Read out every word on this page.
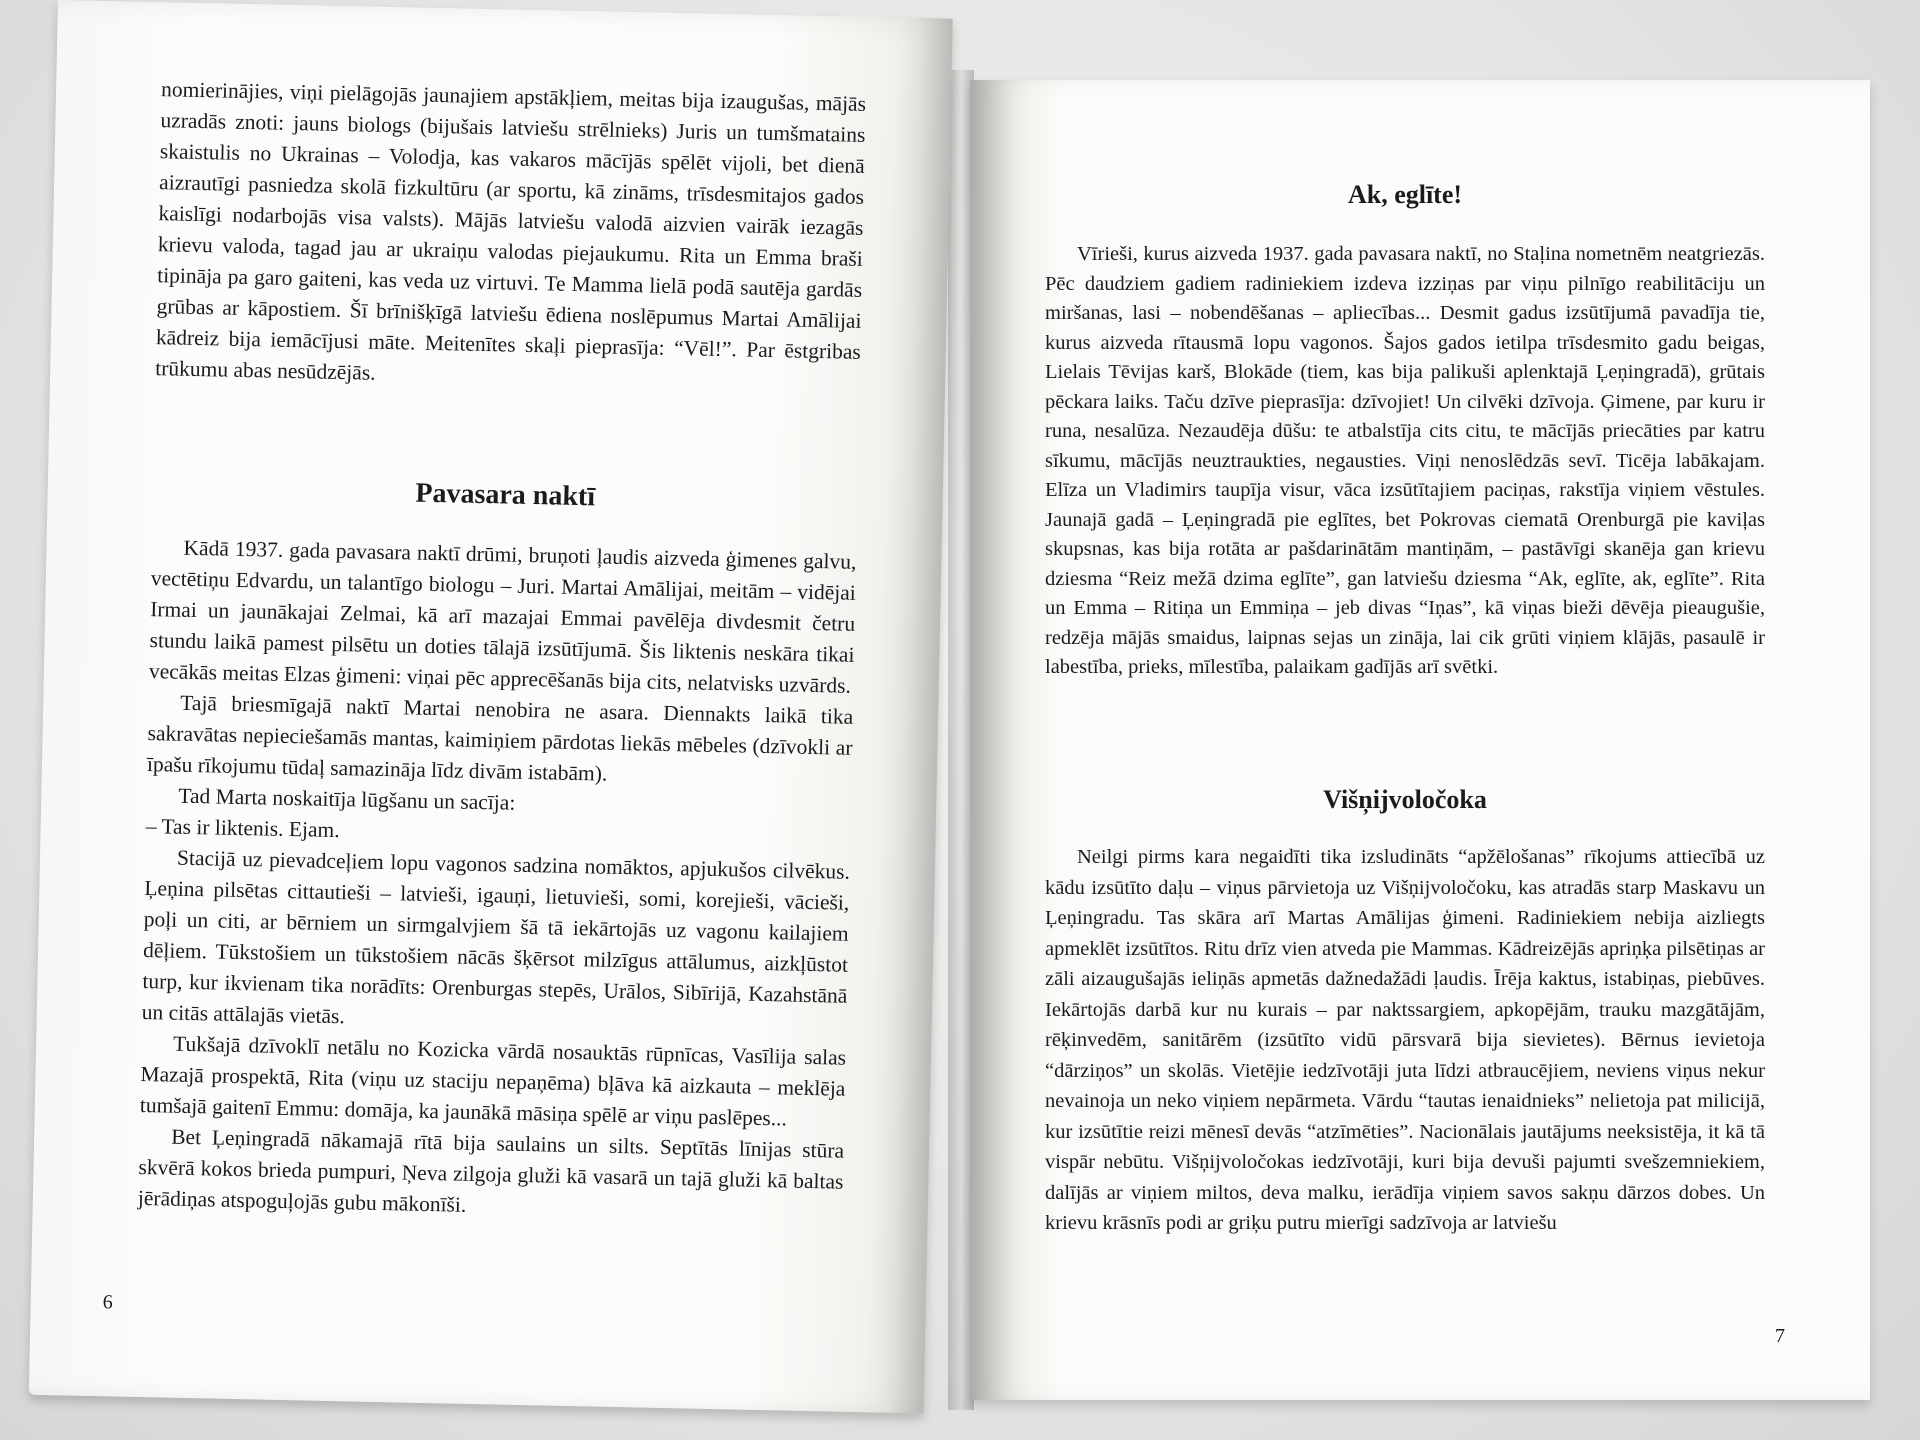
nomierinājies, viņi pielāgojās jaunajiem apstākļiem, meitas bija izaugušas, mājās uzradās znoti: jauns biologs (bijušais latviešu strēlnieks) Juris un tumšmatains skaistulis no Ukrainas – Volodja, kas vakaros mācījās spēlēt vijoli, bet dienā aizrautīgi pasniedza skolā fizkultūru (ar sportu, kā zināms, trīsdesmitajos gados kaislīgi nodarbojās visa valsts). Mājās latviešu valodā aizvien vairāk iezagās krievu valoda, tagad jau ar ukraiņu valodas piejaukumu. Rita un Emma braši tipināja pa garo gaiteni, kas veda uz virtuvi. Te Mamma lielā podā sautēja gardās grūbas ar kāpostiem. Šī brīnišķīgā latviešu ēdiena noslēpumus Martai Amālijai kādreiz bija iemācījusi māte. Meitenītes skaļi pieprasīja: “Vēl!”. Par ēstgribas trūkumu abas nesūdzējās.

Pavasara naktī

Kādā 1937. gada pavasara naktī drūmi, bruņoti ļaudis aizveda ģimenes galvu, vectētiņu Edvardu, un talantīgo biologu – Juri. Martai Amālijai, meitām – vidējai Irmai un jaunākajai Zelmai, kā arī mazajai Emmai pavēlēja divdesmit četru stundu laikā pamest pilsētu un doties tālajā izsūtījumā. Šis liktenis neskāra tikai vecākās meitas Elzas ģimeni: viņai pēc apprecēšanās bija cits, nelatvisks uzvārds.

Tajā briesmīgajā naktī Martai nenobira ne asara. Diennakts laikā tika sakravātas nepieciešamās mantas, kaimiņiem pārdotas liekās mēbeles (dzīvokli ar īpašu rīkojumu tūdaļ samazināja līdz divām istabām).

Tad Marta noskaitīja lūgšanu un sacīja:

– Tas ir liktenis. Ejam.

Stacijā uz pievadceļiem lopu vagonos sadzina nomāktos, apjukušos cilvēkus. Ļeņina pilsētas cittautieši – latvieši, igauņi, lietuvieši, somi, korejieši, vācieši, poļi un citi, ar bērniem un sirmgalvjiem šā tā iekārtojās uz vagonu kailajiem dēļiem. Tūkstošiem un tūkstošiem nācās šķērsot milzīgus attālumus, aizkļūstot turp, kur ikvienam tika norādīts: Orenburgas stepēs, Urālos, Sibīrijā, Kazahstānā un citās attālajās vietās.

Tukšajā dzīvoklī netālu no Kozicka vārdā nosauktās rūpnīcas, Vasīlija salas Mazajā prospektā, Rita (viņu uz staciju nepaņēma) bļāva kā aizkauta – meklēja tumšajā gaitenī Emmu: domāja, ka jaunākā māsiņa spēlē ar viņu paslēpes...

Bet Ļeņingradā nākamajā rītā bija saulains un silts. Septītās līnijas stūra skvērā kokos brieda pumpuri, Ņeva zilgoja gluži kā vasarā un tajā gluži kā baltas jērādiņas atspoguļojās gubu mākonīši.

6
Ak, eglīte!

Vīrieši, kurus aizveda 1937. gada pavasara naktī, no Staļina nometnēm neatgriezās. Pēc daudziem gadiem radiniekiem izdeva izziņas par viņu pilnīgo reabilitāciju un miršanas, lasi – nobendēšanas – apliecības... Desmit gadus izsūtījumā pavadīja tie, kurus aizveda rītausmā lopu vagonos. Šajos gados ietilpa trīsdesmito gadu beigas, Lielais Tēvijas karš, Blokāde (tiem, kas bija palikuši aplenktajā Ļeņingradā), grūtais pēckara laiks. Taču dzīve pieprasīja: dzīvojiet! Un cilvēki dzīvoja. Ģimene, par kuru ir runa, nesalūza. Nezaudēja dūšu: te atbalstīja cits citu, te mācījās priecāties par katru sīkumu, mācījās neuztraukties, negausties. Viņi nenoslēdzās sevī. Ticēja labākajam. Elīza un Vladimirs taupīja visur, vāca izsūtītajiem paciņas, rakstīja viņiem vēstules. Jaunajā gadā – Ļeņingradā pie eglītes, bet Pokrovas ciematā Orenburgā pie kaviļas skupsnas, kas bija rotāta ar pašdarinātām mantiņām, – pastāvīgi skanēja gan krievu dziesma “Reiz mežā dzima eglīte”, gan latviešu dziesma “Ak, eglīte, ak, eglīte”. Rita un Emma – Ritiņa un Emmiņa – jeb divas “Iņas”, kā viņas bieži dēvēja pieaugušie, redzēja mājās smaidus, laipnas sejas un zināja, lai cik grūti viņiem klājās, pasaulē ir labestība, prieks, mīlestība, palaikam gadījās arī svētki.

Višņijvoločoka

Neilgi pirms kara negaidīti tika izsludināts “apžēlošanas” rīkojums attiecībā uz kādu izsūtīto daļu – viņus pārvietoja uz Višņijvoločoku, kas atradās starp Maskavu un Ļeņingradu. Tas skāra arī Martas Amālijas ģimeni. Radiniekiem nebija aizliegts apmeklēt izsūtītos. Ritu drīz vien atveda pie Mammas. Kādreizējās apriņķa pilsētiņas ar zāli aizaugušajās ieliņās apmetās dažnedažādi ļaudis. Īrēja kaktus, istabiņas, piebūves. Iekārtojās darbā kur nu kurais – par naktssargiem, apkopējām, trauku mazgātājām, rēķinvedēm, sanitārēm (izsūtīto vidū pārsvarā bija sievietes). Bērnus ievietoja “dārziņos” un skolās. Vietējie iedzīvotāji juta līdzi atbraucējiem, neviens viņus nekur nevainoja un neko viņiem nepārmeta. Vārdu “tautas ienaidnieks” nelietoja pat milicijā, kur izsūtītie reizi mēnesī devās “atzīmēties”. Nacionālais jautājums neeksistēja, it kā tā vispār nebūtu. Višņijvoločokas iedzīvotāji, kuri bija devuši pajumti svešzemniekiem, dalījās ar viņiem miltos, deva malku, ierādīja viņiem savos sakņu dārzos dobes. Un krievu krāsnīs podi ar griķu putru mierīgi sadzīvoja ar latviešu

7
